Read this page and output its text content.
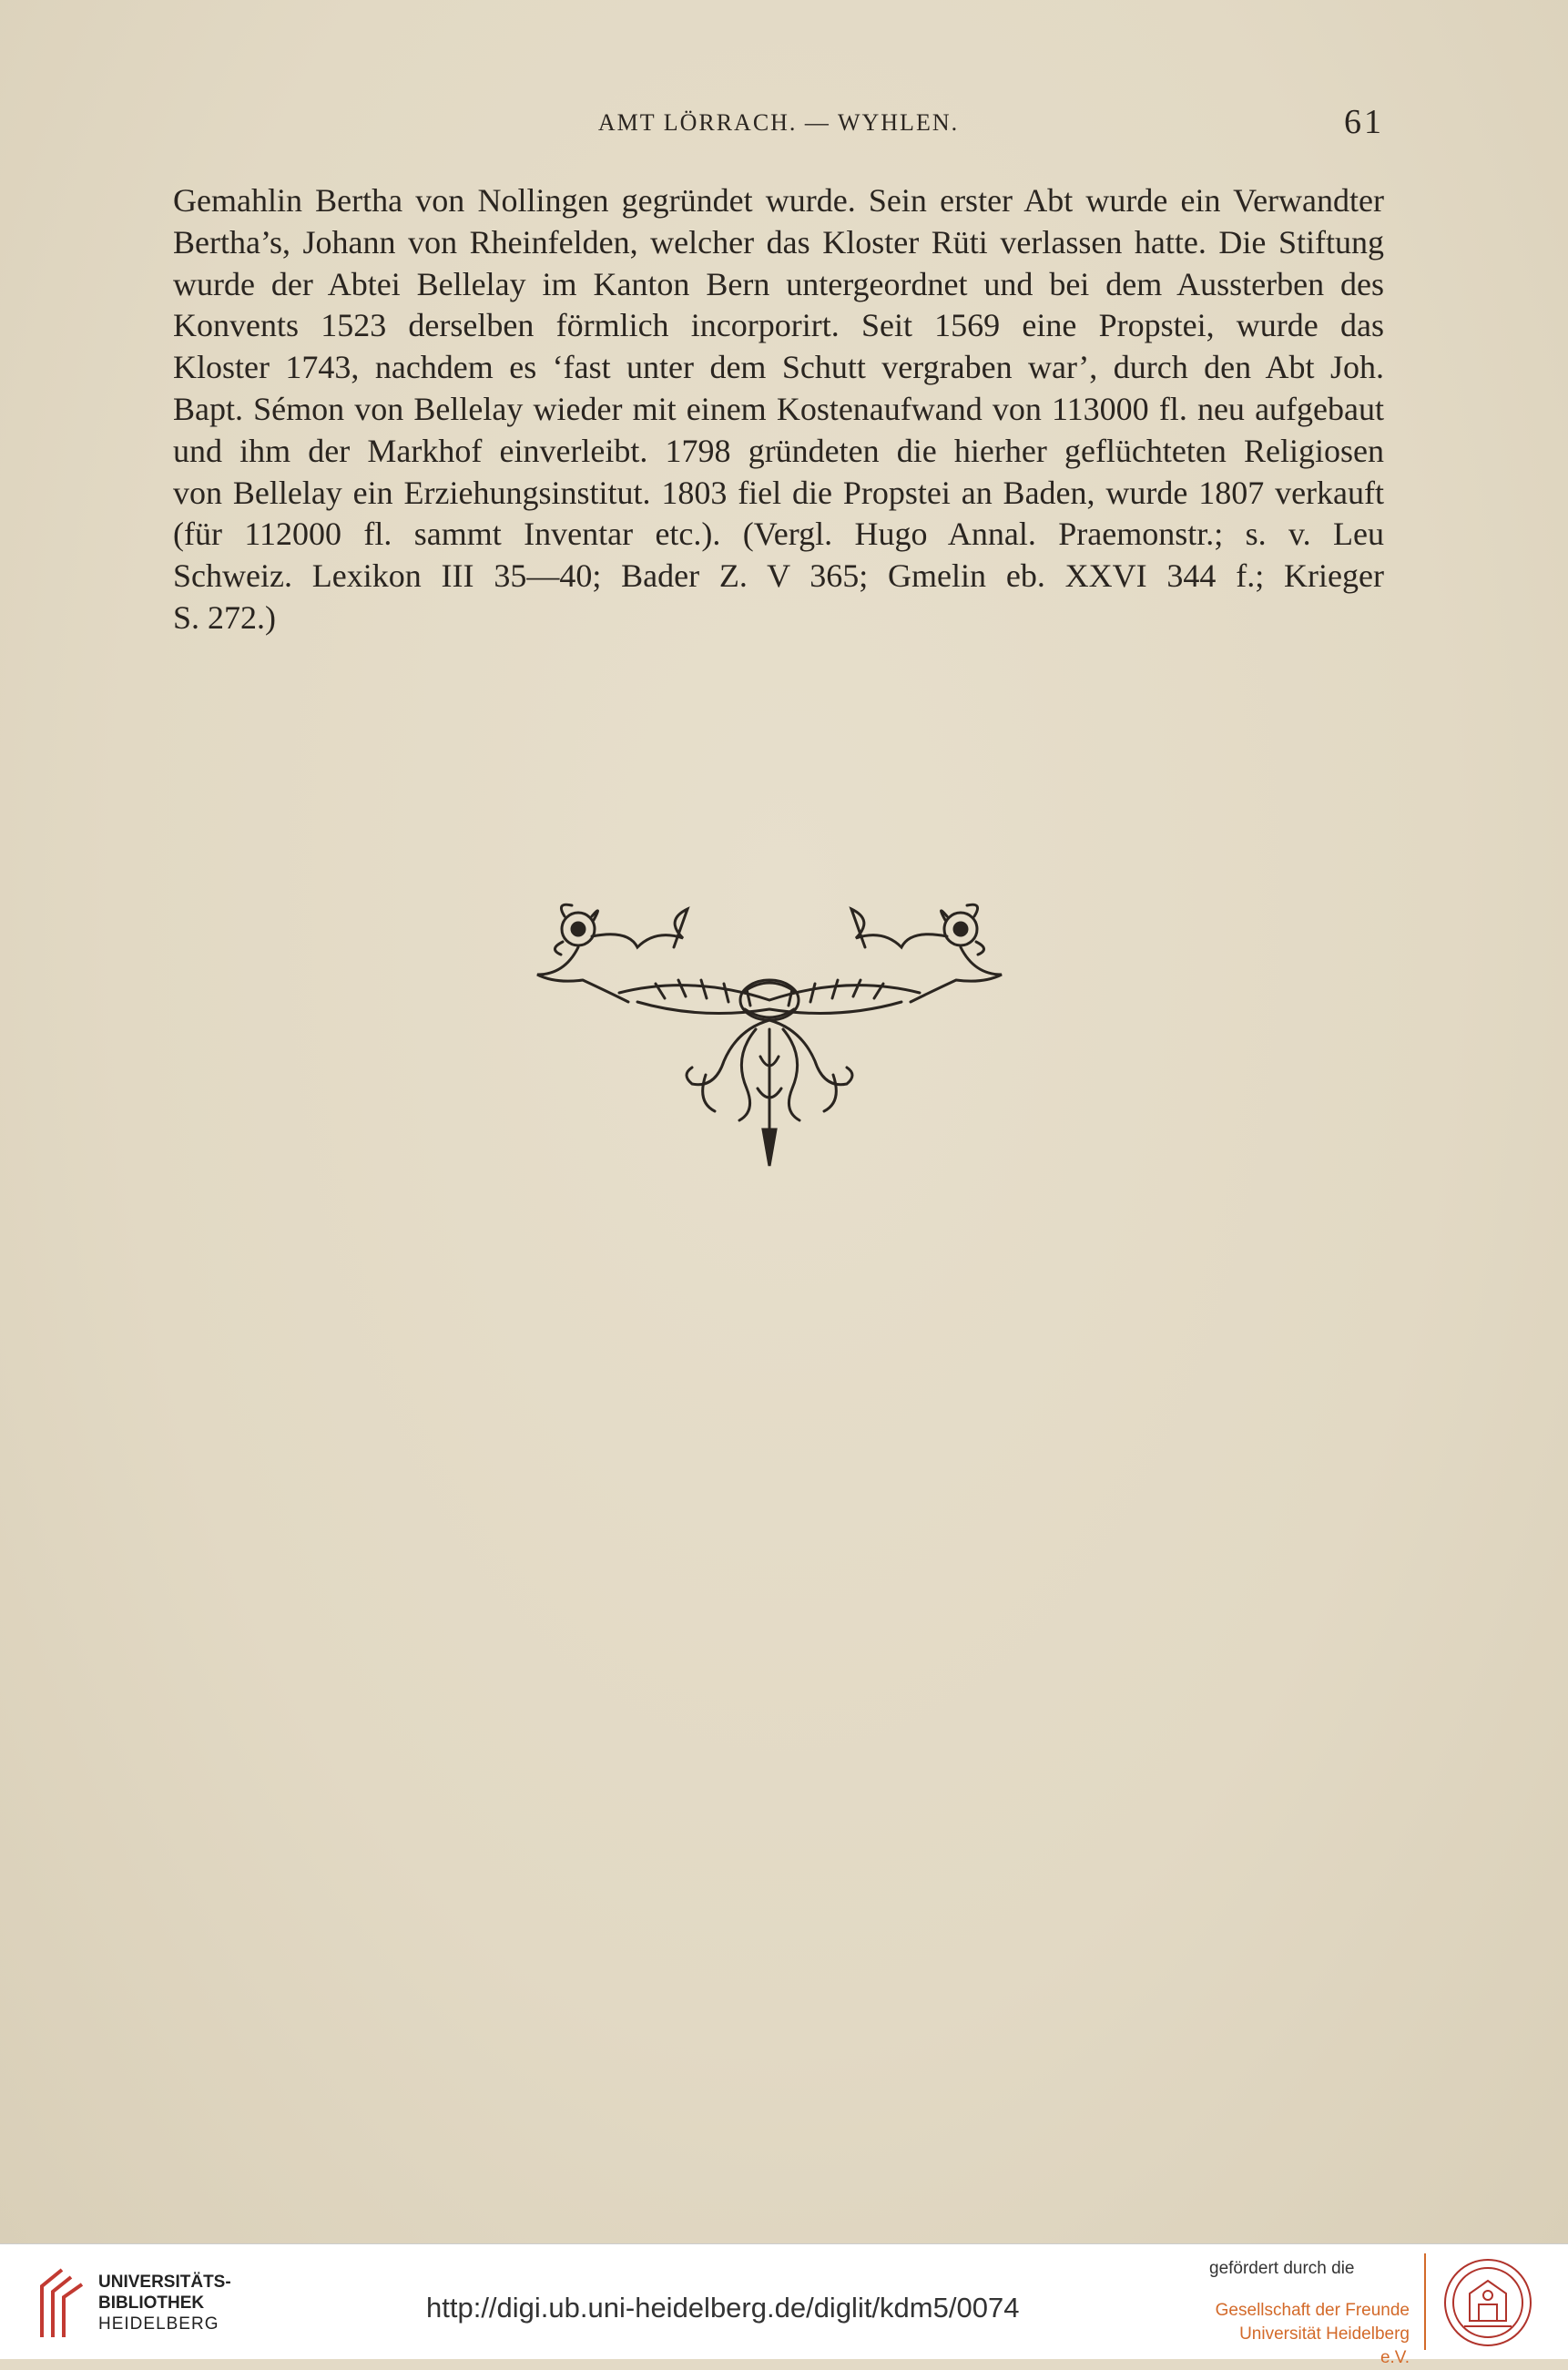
AMT LÖRRACH. — WYHLEN.	61
Gemahlin Bertha von Nollingen gegründet wurde. Sein erster Abt wurde ein Verwandter
Bertha’s, Johann von Rheinfelden, welcher das Kloster Rüti verlassen hatte. Die Stiftung
wurde der Abtei Bellelay im Kanton Bern untergeordnet und bei dem Aussterben des
Konvents 1523 derselben förmlich incorporirt. Seit 1569 eine Propstei, wurde das
Kloster 1743, nachdem es ‘fast unter dem Schutt vergraben war’, durch den Abt Joh.
Bapt. Sémon von Bellelay wieder mit einem Kostenaufwand von 113000 fl. neu aufgebaut
und ihm der Markhof einverleibt. 1798 gründeten die hierher geflüchteten Religiosen
von Bellelay ein Erziehungsinstitut. 1803 fiel die Propstei an Baden, wurde 1807 verkauft
(für 112000 fl. sammt Inventar etc.). (Vergl. Hugo Annal. Praemonstr.; s. v. Leu
Schweiz. Lexikon III 35—40; Bader Z. V 365; Gmelin eb. XXVI 344 f.; Krieger
S. 272.)
UNIVERSITÄTS-
BIBLIOTHEK
HEIDELBERG
http://digi.ub.uni-heidelberg.de/diglit/kdm5/0074
gefördert durch die
Gesellschaft der Freunde
Universität Heidelberg e.V.
